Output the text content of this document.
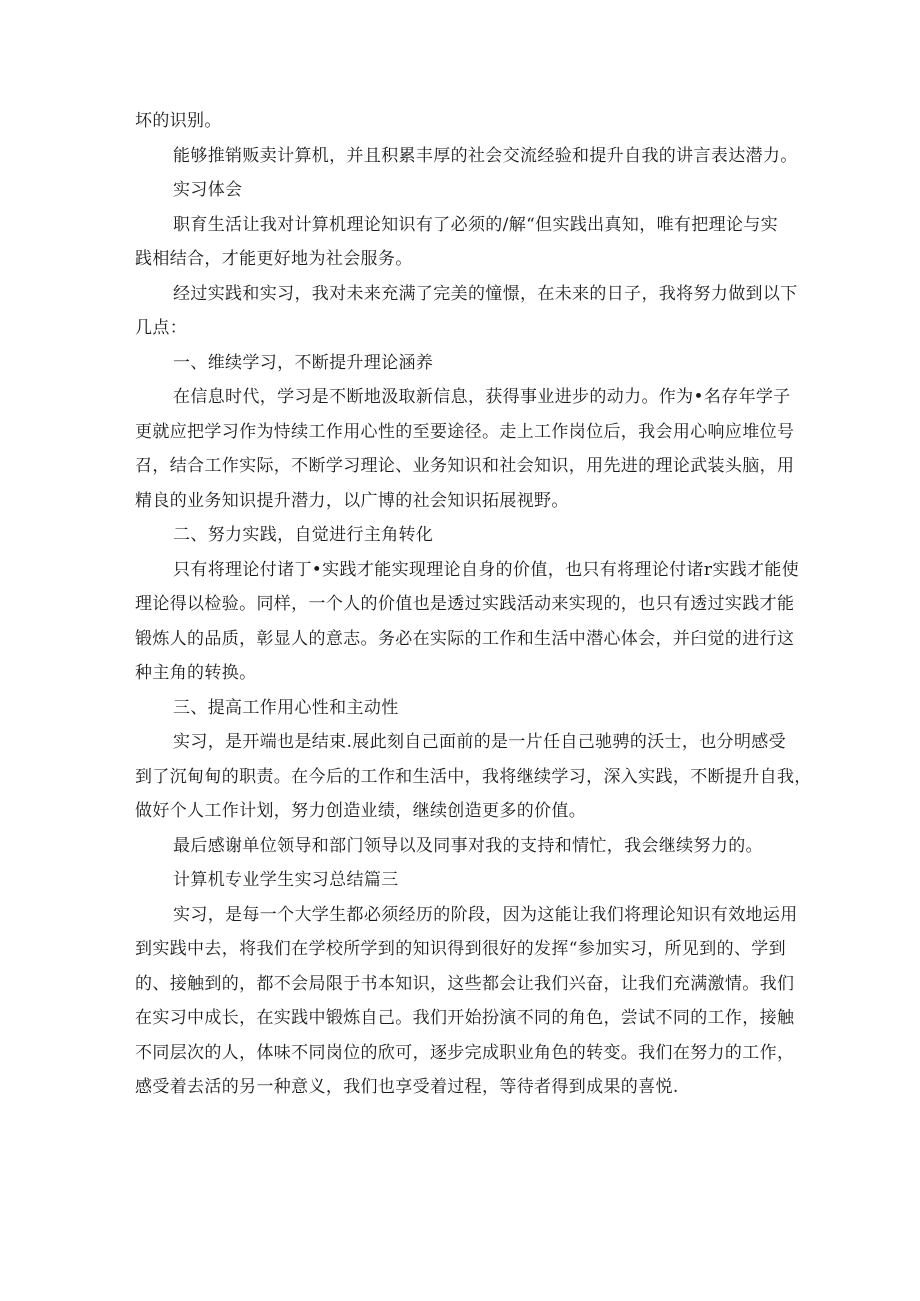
坏的识别。
能够推销贩卖计算机，并且积累丰厚的社会交流经验和提升自我的讲言表达潜力。
实习体会
职育生活让我对计算机理论知识有了必须的/解“但实践出真知，唯有把理论与实
践相结合，才能更好地为社会服务。
经过实践和实习，我对未来充满了完美的憧憬，在未来的日子，我将努力做到以下
几点：
一、维续学习，不断提升理论涵养
在信息时代，学习是不断地汲取新信息，获得事业进步的动力。作为•名存年学子
更就应把学习作为恃续工作用心性的至要途径。走上工作岗位后，我会用心响应堆位号
召，结合工作实际，不断学习理论、业务知识和社会知识，用先进的理论武装头脑，用
精良的业务知识提升潜力，以广博的社会知识拓展视野。
二、努力实践，自觉进行主角转化
只有将理论付诸丁•实践才能实现理论自身的价值，也只有将理论付诸r实践才能使
理论得以检验。同样，一个人的价值也是透过实践活动来实现的，也只有透过实践才能
锻炼人的品质，彰显人的意志。务必在实际的工作和生活中潜心体会，并臼觉的进行这
种主角的转换。
三、提高工作用心性和主动性
实习，是开端也是结束.展此刻自己面前的是一片任自己驰骋的沃士，也分明感受
到了沉甸甸的职责。在今后的工作和生活中，我将继续学习，深入实践，不断提升自我，
做好个人工作计划，努力创造业绩，继续创造更多的价值。
最后感谢单位领导和部门领导以及同事对我的支持和情忙，我会继续努力的。
计算机专业学生实习总结篇三
实习，是每一个大学生都必须经历的阶段，因为这能让我们将理论知识有效地运用
到实践中去，将我们在学校所学到的知识得到很好的发挥“参加实习，所见到的、学到
的、接触到的，都不会局限于书本知识，这些都会让我们兴奋，让我们充满激情。我们
在实习中成长，在实践中锻炼自己。我们开始扮演不同的角色，尝试不同的工作，接触
不同层次的人，体味不同岗位的欣可，逐步完成职业角色的转变。我们在努力的工作，
感受着去活的另一种意义，我们也享受着过程，等待者得到成果的喜悦.
